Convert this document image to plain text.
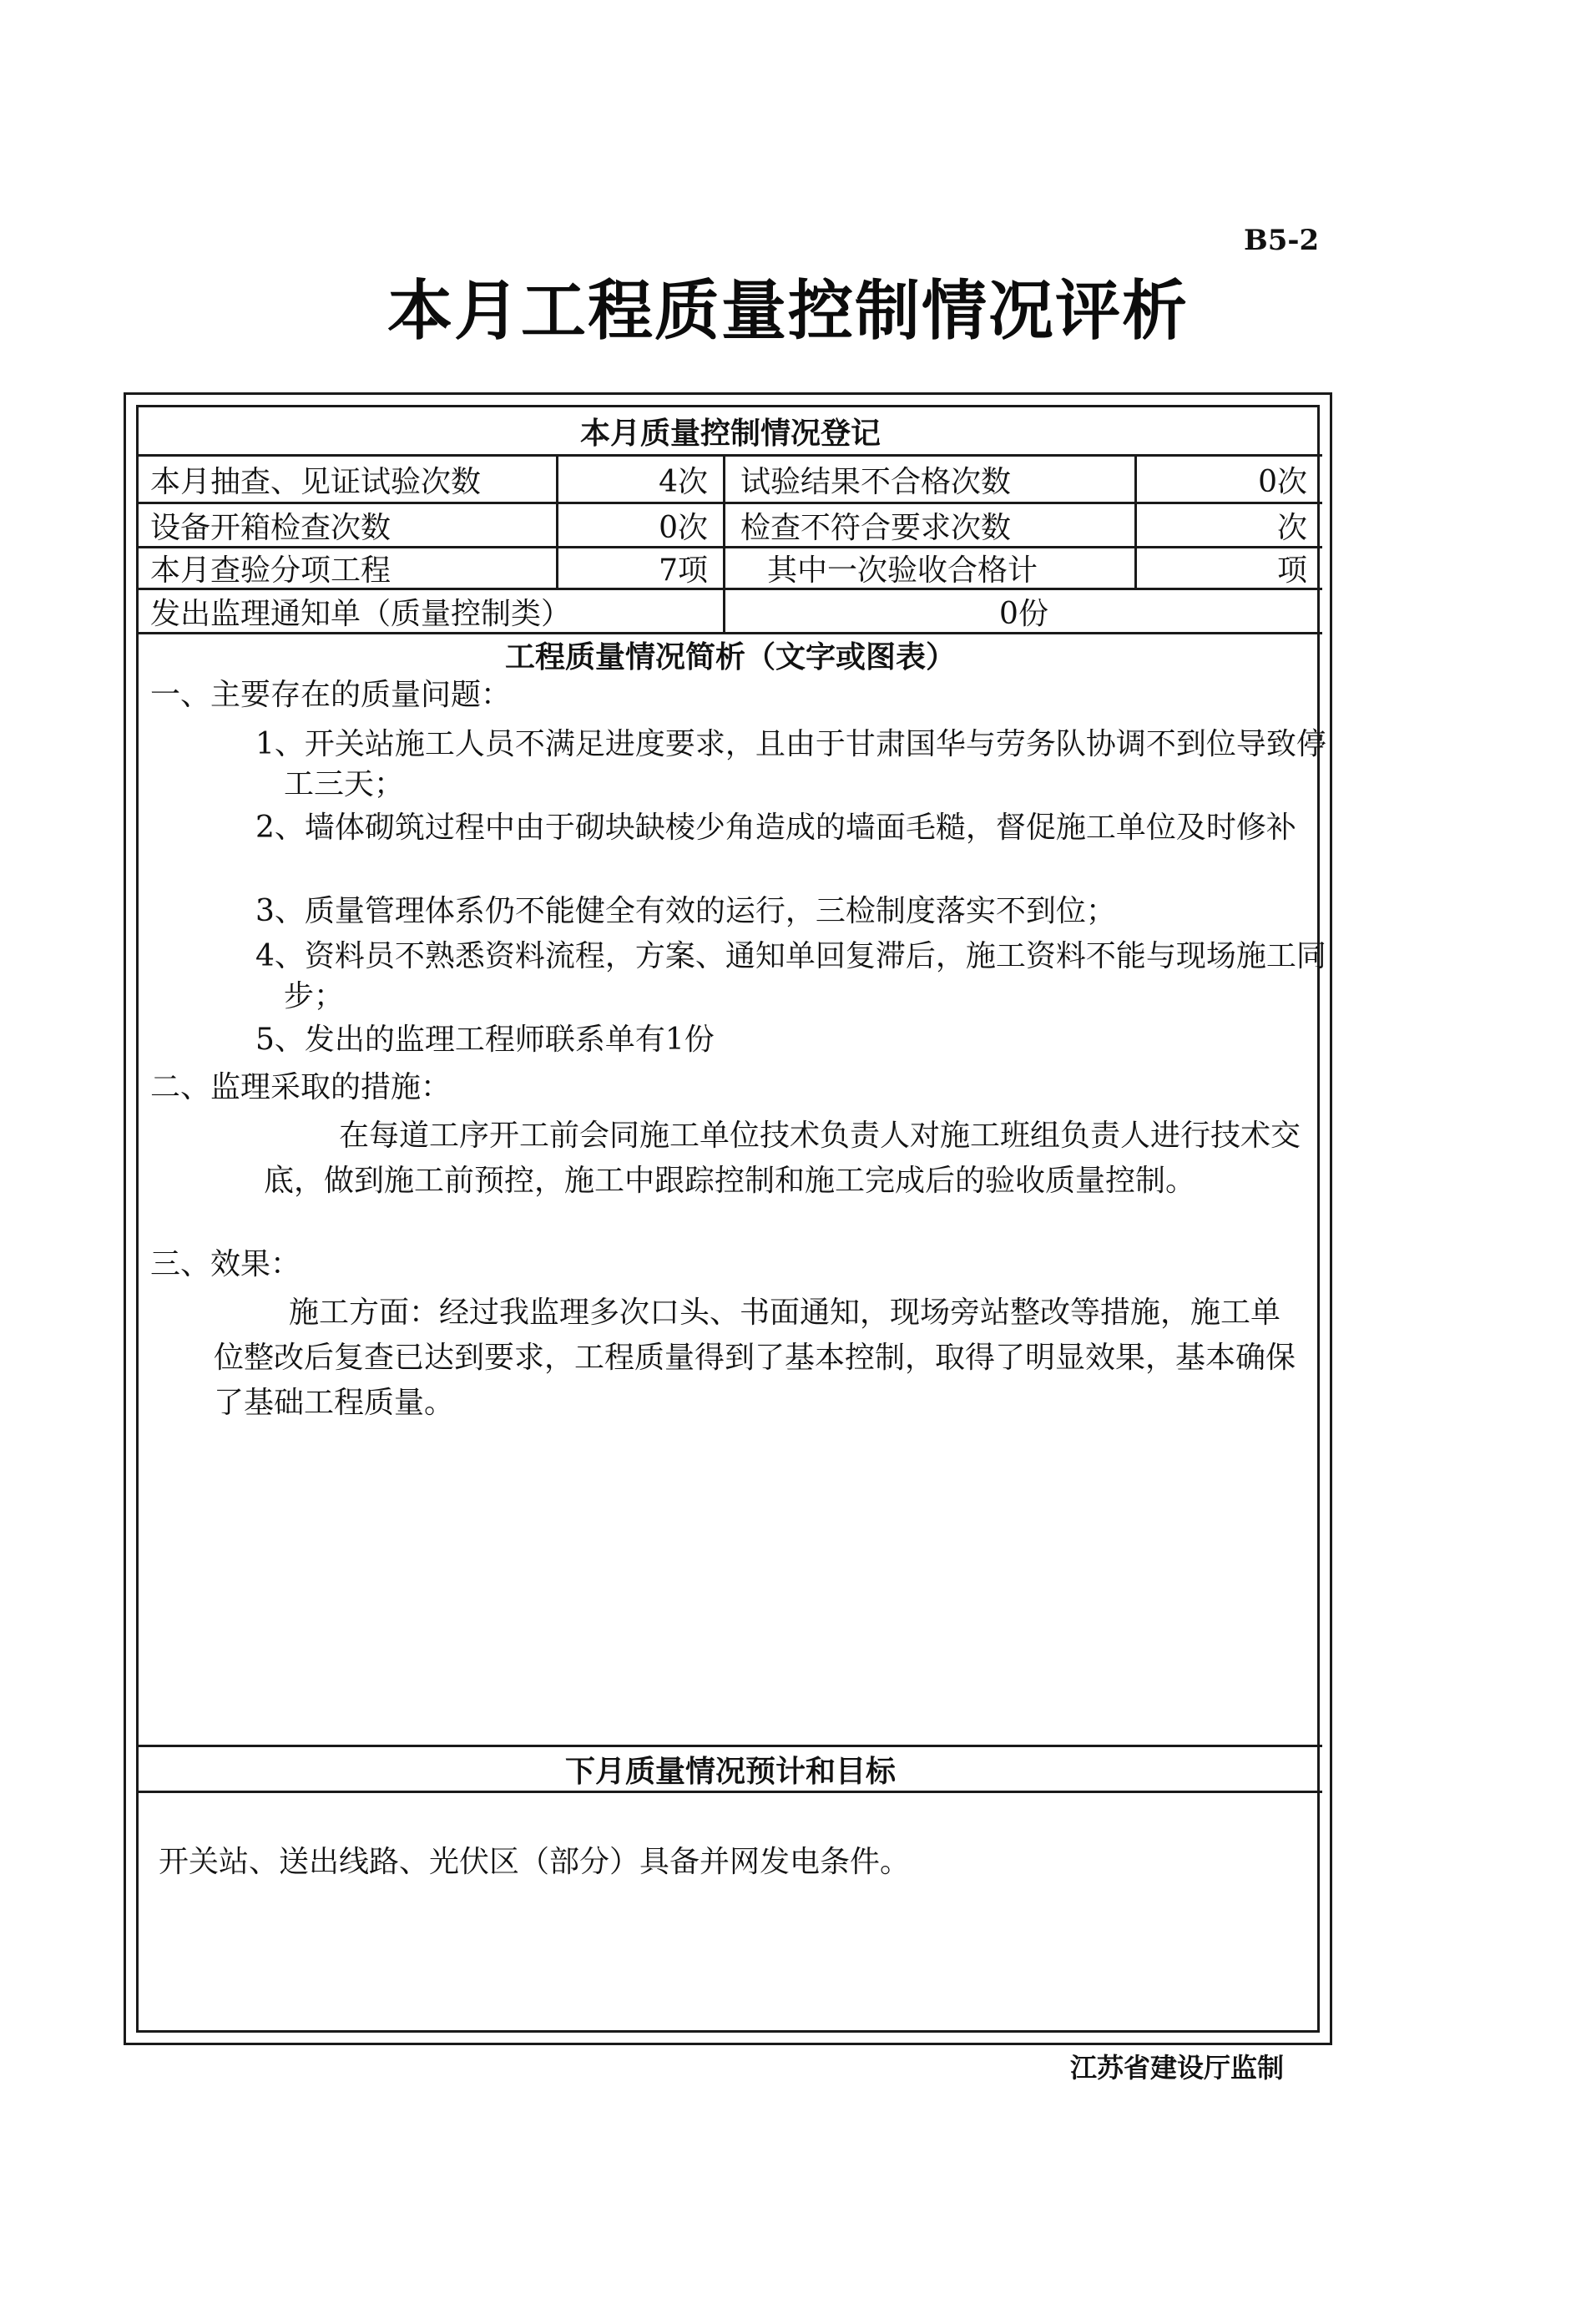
B5-2
本月工程质量控制情况评析
本月质量控制情况登记
本月抽查、见证试验次数	4次	试验结果不合格次数	0次
设备开箱检查次数	0次	检查不符合要求次数	次
本月查验分项工程	7项	其中一次验收合格计	项
发出监理通知单（质量控制类）	0份
工程质量情况简析（文字或图表）
一、主要存在的质量问题：
1、开关站施工人员不满足进度要求，且由于甘肃国华与劳务队协调不到位导致停工三天；
2、墙体砌筑过程中由于砌块缺棱少角造成的墙面毛糙，督促施工单位及时修补
3、质量管理体系仍不能健全有效的运行，三检制度落实不到位；
4、资料员不熟悉资料流程，方案、通知单回复滞后，施工资料不能与现场施工同步；
5、发出的监理工程师联系单有1份
二、监理采取的措施：
在每道工序开工前会同施工单位技术负责人对施工班组负责人进行技术交底，做到施工前预控，施工中跟踪控制和施工完成后的验收质量控制。
三、效果：
施工方面：经过我监理多次口头、书面通知，现场旁站整改等措施，施工单位整改后复查已达到要求，工程质量得到了基本控制，取得了明显效果，基本确保了基础工程质量。
下月质量情况预计和目标
开关站、送出线路、光伏区（部分）具备并网发电条件。
江苏省建设厅监制
